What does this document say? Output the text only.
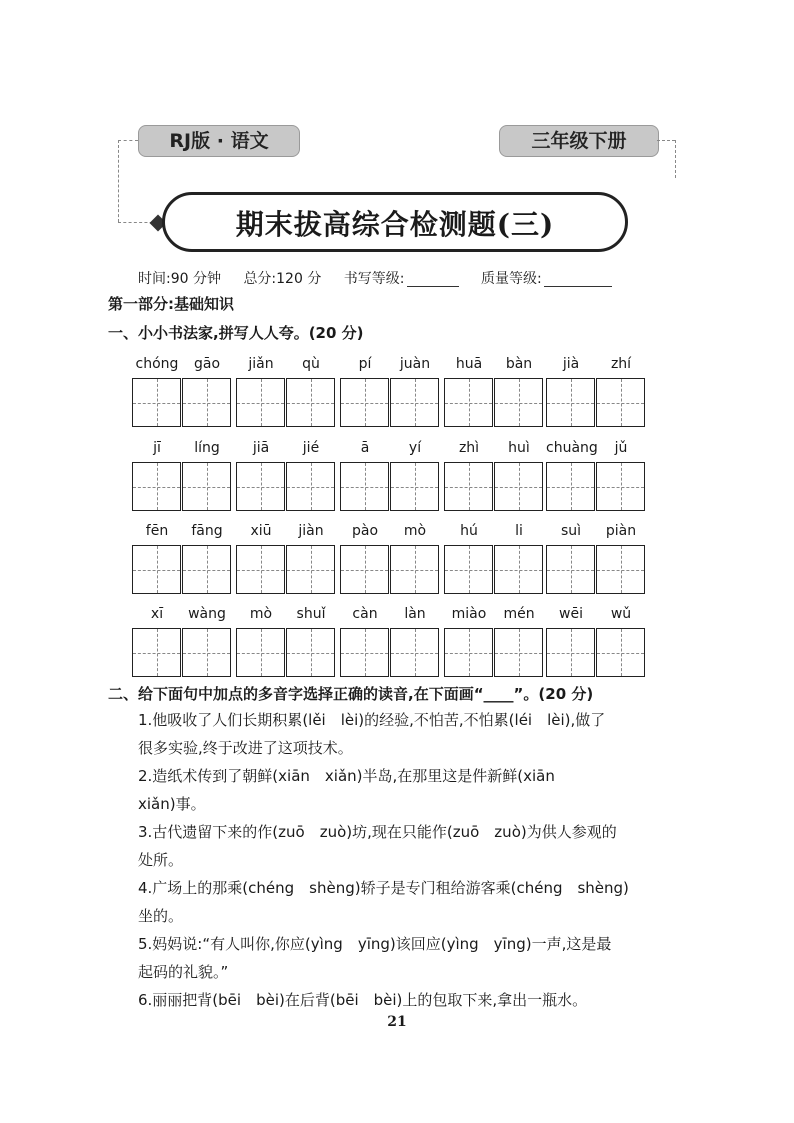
RJ版 · 语文	三年级下册
期末拔高综合检测题(三)
时间:90 分钟 总分:120 分 书写等级:	质量等级:
第一部分:基础知识
一、小小书法家,拼写人人夸。(20 分)
chóng	gāo	jiǎn	qù	pí	juàn	huā	bàn	jià	zhí
jī	líng	jiā	jié	ā	yí	zhì	huì	chuàng	jǔ
fēn	fāng	xiū	jiàn	pào	mò	hú	li	suì	piàn
xī	wàng	mò	shuǐ	càn	làn	miào	mén	wēi	wǔ
二、给下面句中加点的多音字选择正确的读音,在下面画“____”。(20 分)

1.他吸收了人们长期积累(lěi　lèi)的经验,不怕苦,不怕累(léi　lèi),做了

很多实验,终于改进了这项技术。

2.造纸术传到了朝鲜(xiān　xiǎn)半岛,在那里这是件新鲜(xiān

xiǎn)事。

3.古代遗留下来的作(zuō　zuò)坊,现在只能作(zuō　zuò)为供人参观的

处所。

4.广场上的那乘(chéng　shèng)轿子是专门租给游客乘(chéng　shèng)

坐的。

5.妈妈说:“有人叫你,你应(yìng　yīng)该回应(yìng　yīng)一声,这是最

起码的礼貌。”

6.丽丽把背(bēi　bèi)在后背(bēi　bèi)上的包取下来,拿出一瓶水。

21
